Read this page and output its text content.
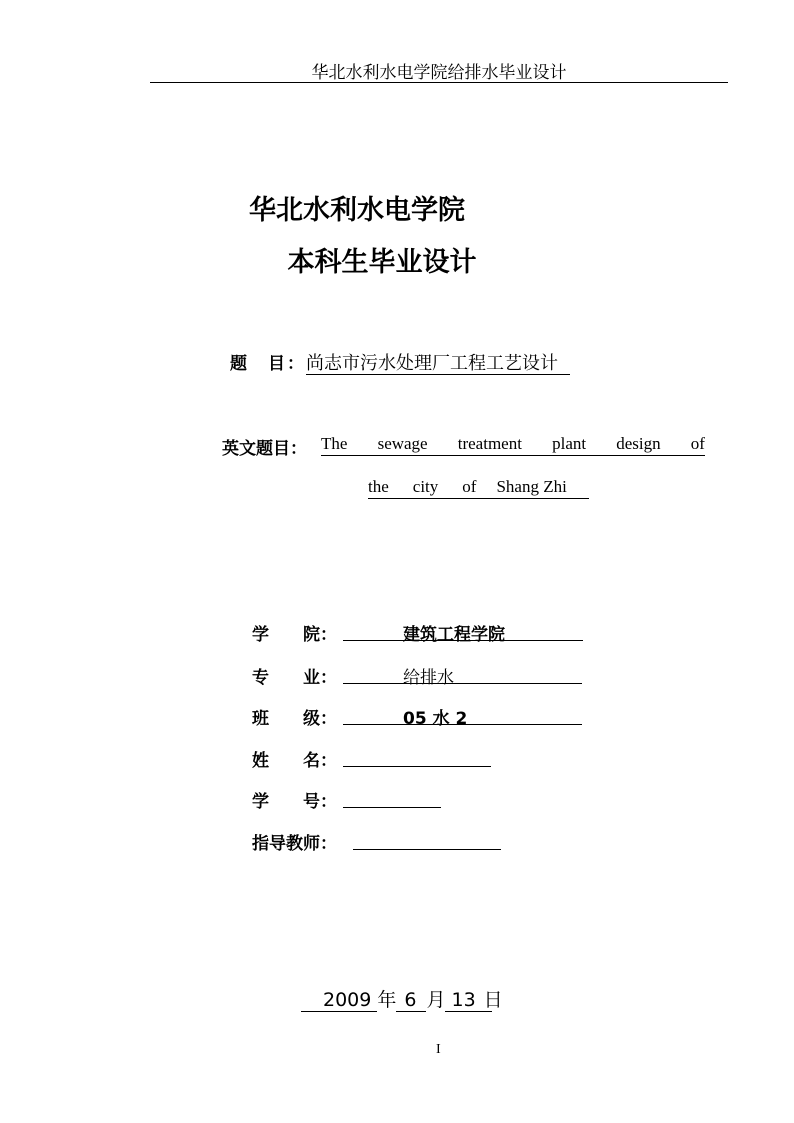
华北水利水电学院给排水毕业设计
华北水利水电学院
本科生毕业设计
题　目：尚志市污水处理厂工程工艺设计
英文题目： The sewage treatment plant design of
the city of Shang Zhi
学　　院：	建筑工程学院
专　　业：	给排水
班　　级：	05 水 2
姓　　名：
学　　号：
指导教师：
2009 年 6 月 13 日
I
